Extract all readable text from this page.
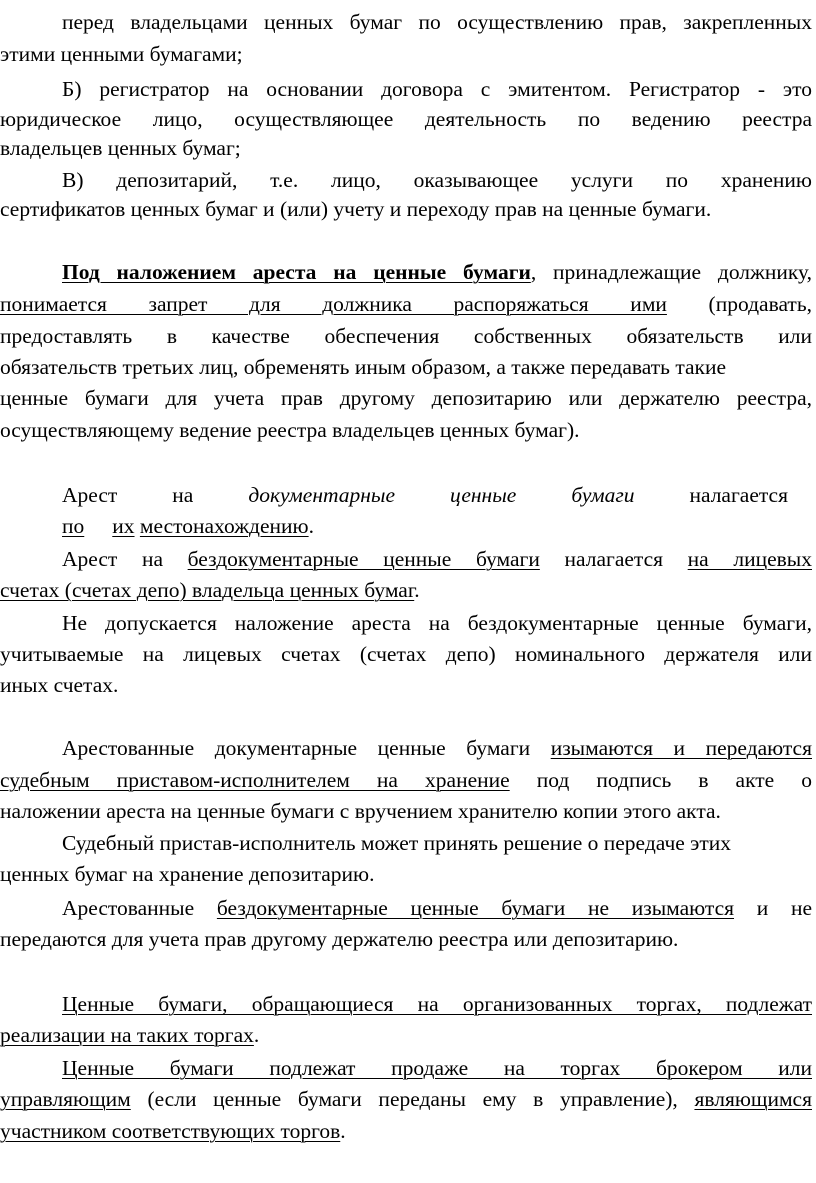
перед владельцами ценных бумаг по осуществлению прав, закрепленных
этими ценными бумагами;
Б) регистратор на основании договора с эмитентом. Регистратор - это
юридическое лицо, осуществляющее деятельность по ведению реестра
владельцев ценных бумаг;
В) депозитарий, т.е. лицо, оказывающее услуги по хранению
сертификатов ценных бумаг и (или) учету и переходу прав на ценные бумаги.
Под наложением ареста на ценные бумаги, принадлежащие должнику,
понимается запрет для должника распоряжаться ими (продавать,
предоставлять в качестве обеспечения собственных обязательств или
обязательств третьих лиц, обременять иным образом, а также передавать такие
ценные бумаги для учета прав другому депозитарию или держателю реестра,
осуществляющему ведение реестра владельцев ценных бумаг).
Арест	на	документарные	ценные	бумаги	налагается
по их местонахождению.
Арест на бездокументарные ценные бумаги налагается на лицевых
счетах (счетах депо) владельца ценных бумаг.
Не допускается наложение ареста на бездокументарные ценные бумаги,
учитываемые на лицевых счетах (счетах депо) номинального держателя или
иных счетах.
Арестованные документарные ценные бумаги изымаются и передаются
судебным приставом-исполнителем на хранение под подпись в акте о
наложении ареста на ценные бумаги с вручением хранителю копии этого акта.
Судебный пристав-исполнитель может принять решение о передаче этих
ценных бумаг на хранение депозитарию.
Арестованные бездокументарные ценные бумаги не изымаются и не
передаются для учета прав другому держателю реестра или депозитарию.
Ценные бумаги, обращающиеся на организованных торгах, подлежат
реализации на таких торгах.
Ценные бумаги подлежат продаже на торгах брокером или
управляющим (если ценные бумаги переданы ему в управление), являющимся
участником соответствующих торгов.
